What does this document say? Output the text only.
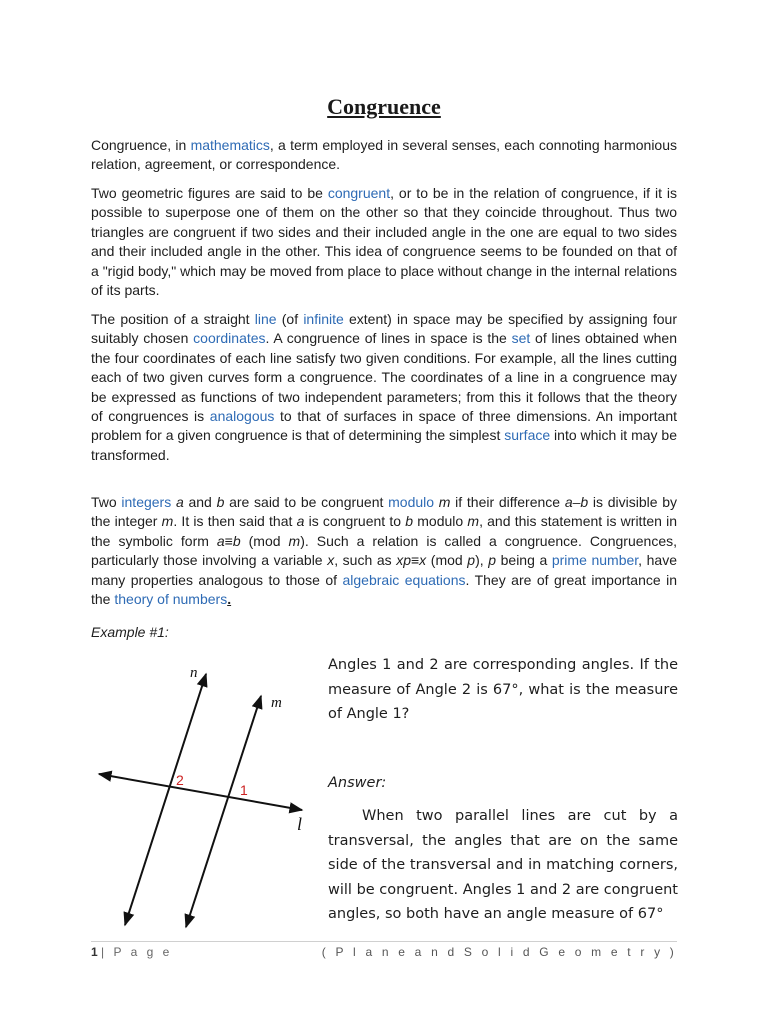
Congruence

Congruence, in mathematics, a term employed in several senses, each connoting harmonious relation, agreement, or correspondence.

Two geometric figures are said to be congruent, or to be in the relation of congruence, if it is possible to superpose one of them on the other so that they coincide throughout. Thus two triangles are congruent if two sides and their included angle in the one are equal to two sides and their included angle in the other. This idea of congruence seems to be founded on that of a "rigid body," which may be moved from place to place without change in the internal relations of its parts.

The position of a straight line (of infinite extent) in space may be specified by assigning four suitably chosen coordinates. A congruence of lines in space is the set of lines obtained when the four coordinates of each line satisfy two given conditions. For example, all the lines cutting each of two given curves form a congruence. The coordinates of a line in a congruence may be expressed as functions of two independent parameters; from this it follows that the theory of congruences is analogous to that of surfaces in space of three dimensions. An important problem for a given congruence is that of determining the simplest surface into which it may be transformed.

Two integers a and b are said to be congruent modulo m if their difference a–b is divisible by the integer m. It is then said that a is congruent to b modulo m, and this statement is written in the symbolic form a≡b (mod m). Such a relation is called a congruence. Congruences, particularly those involving a variable x, such as xp≡x (mod p), p being a prime number, have many properties analogous to those of algebraic equations. They are of great importance in the theory of numbers.

Example #1:

n
m
l
2
1

Angles 1 and 2 are corresponding angles. If the measure of Angle 2 is 67°, what is the measure of Angle 1?

Answer:

When two parallel lines are cut by a transversal, the angles that are on the same side of the transversal and in matching corners, will be congruent. Angles 1 and 2 are congruent angles, so both have an angle measure of 67°

1 | P a g e	( P l a n e a n d S o l i d G e o m e t r y )
